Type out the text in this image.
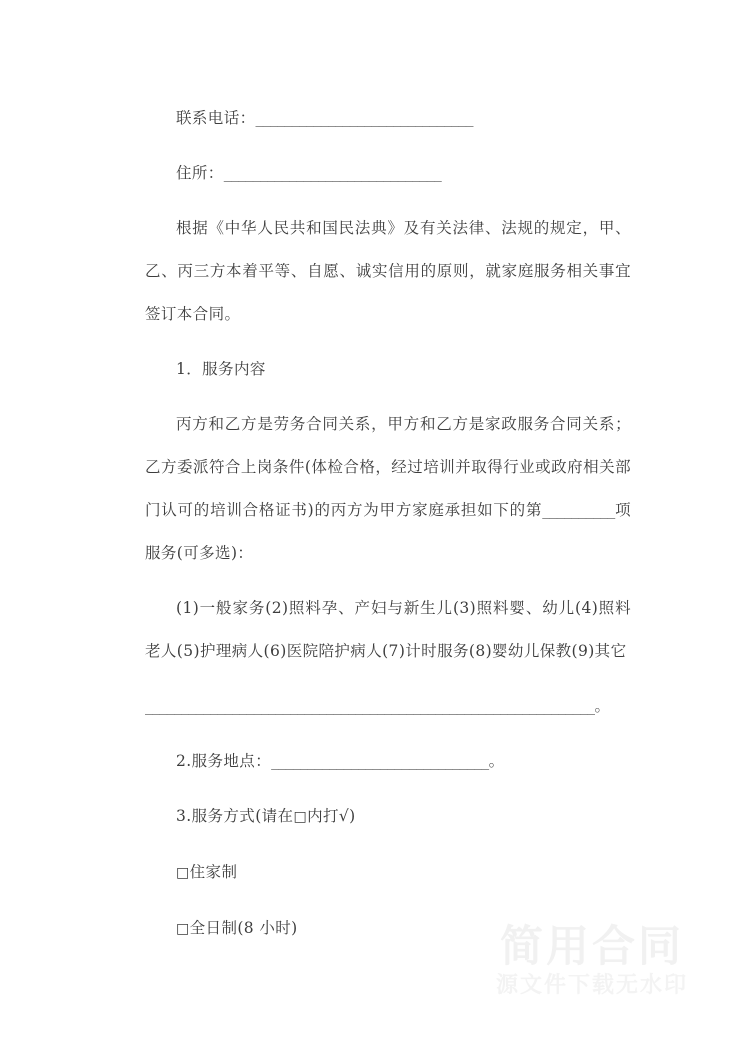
联系电话：______________________________

住所：______________________________

根据《中华人民共和国民法典》及有关法律、法规的规定，甲、乙、丙三方本着平等、自愿、诚实信用的原则，就家庭服务相关事宜签订本合同。

1．服务内容

丙方和乙方是劳务合同关系，甲方和乙方是家政服务合同关系；乙方委派符合上岗条件(体检合格，经过培训并取得行业或政府相关部门认可的培训合格证书)的丙方为甲方家庭承担如下的第__________项服务(可多选)：

(1)一般家务(2)照料孕、产妇与新生儿(3)照料婴、幼儿(4)照料老人(5)护理病人(6)医院陪护病人(7)计时服务(8)婴幼儿保教(9)其它

______________________________________________________________。

2.服务地点：______________________________。

3.服务方式(请在□内打√)

□住家制

□全日制(8 小时)	简用合同
源文件下载无水印
